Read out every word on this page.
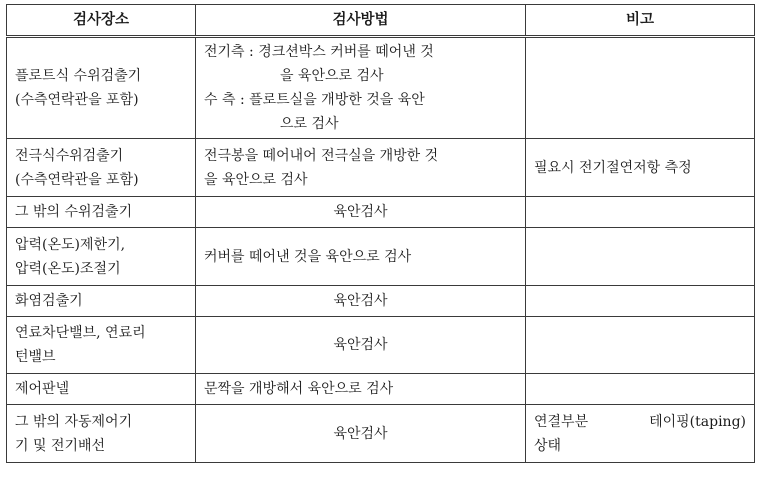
검사장소	검사방법	비고

플로트식 수위검출기
(수측연락관을 포함)	전기측 : 경크션박스 커버를 떼어낸 것
을 육안으로 검사
수 측 : 플로트실을 개방한 것을 육안
으로 검사	

전극식수위검출기
(수측연락관을 포함)	전극봉을 떼어내어 전극실을 개방한 것
을 육안으로 검사	필요시 전기절연저항 측정

그 밖의 수위검출기	육안검사	

압력(온도)제한기,
압력(온도)조절기	커버를 떼어낸 것을 육안으로 검사	

화염검출기	육안검사	

연료차단밸브, 연료리
턴밸브	육안검사	

제어판넬	문짝을 개방해서 육안으로 검사	

그 밖의 자동제어기
기 및 전기배선	육안검사	연결부분 테이핑(taping)
상태
